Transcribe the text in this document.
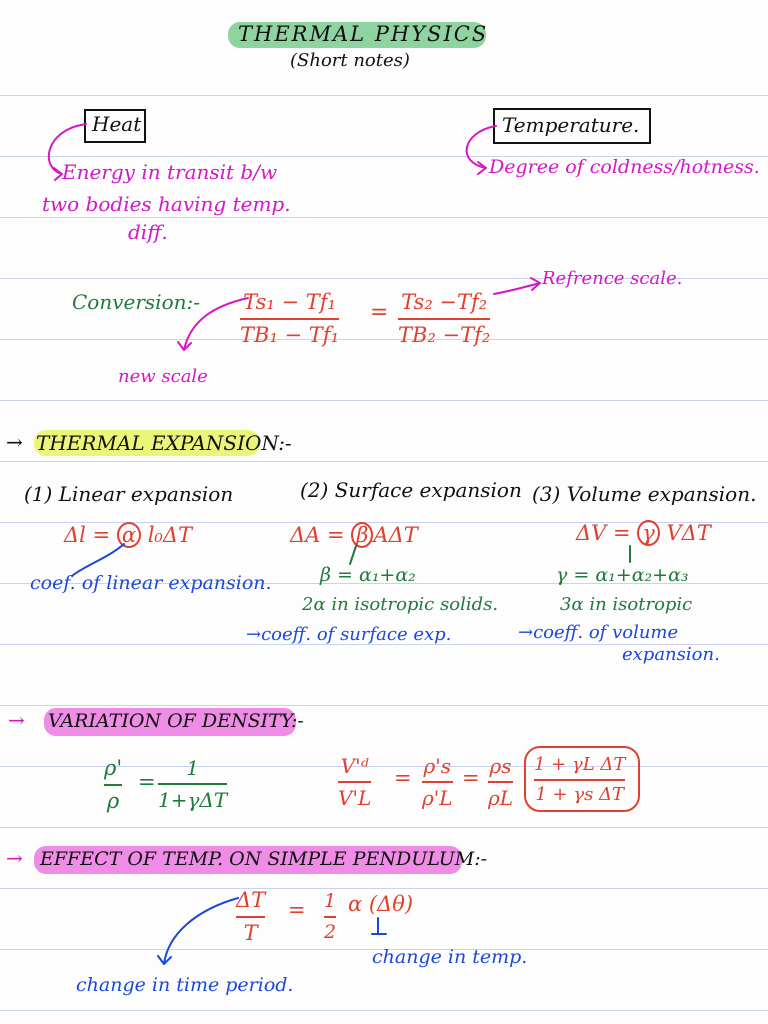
THERMAL PHYSICS
(Short notes)
Heat
Energy in transit b/w
two bodies having temp.
diff.
Temperature.
Degree of coldness/hotness.
Conversion:- Ts₁ − Tf₁
TB₁ − Tf₁
= Ts₂ −Tf₂
TB₂ −Tf₂
Refrence scale.
new scale
→ THERMAL EXPANSION:-
(1) Linear expansion	(2) Surface expansion (3) Volume expansion.
Δl = α l₀ΔT	ΔA = β AΔT	ΔV = γ VΔT
coef. of linear expansion.	β = α₁+α₂
2α in isotropic solids.
→coeff. of surface exp.
γ = α₁+α₂+α₃
3α in isotropic
→coeff. of volume
expansion.
→ VARIATION OF DENSITY:-
ρ'
ρ
=
1
1+γΔT
V'ᵈ
V'L
= ρ's
ρ'L
= ρs
ρL
1 + γL ΔT
1 + γs ΔT
→ EFFECT OF TEMP. ON SIMPLE PENDULUM:-
ΔT
T
= 1
2
α (Δθ)
change in temp.
change in time period.
